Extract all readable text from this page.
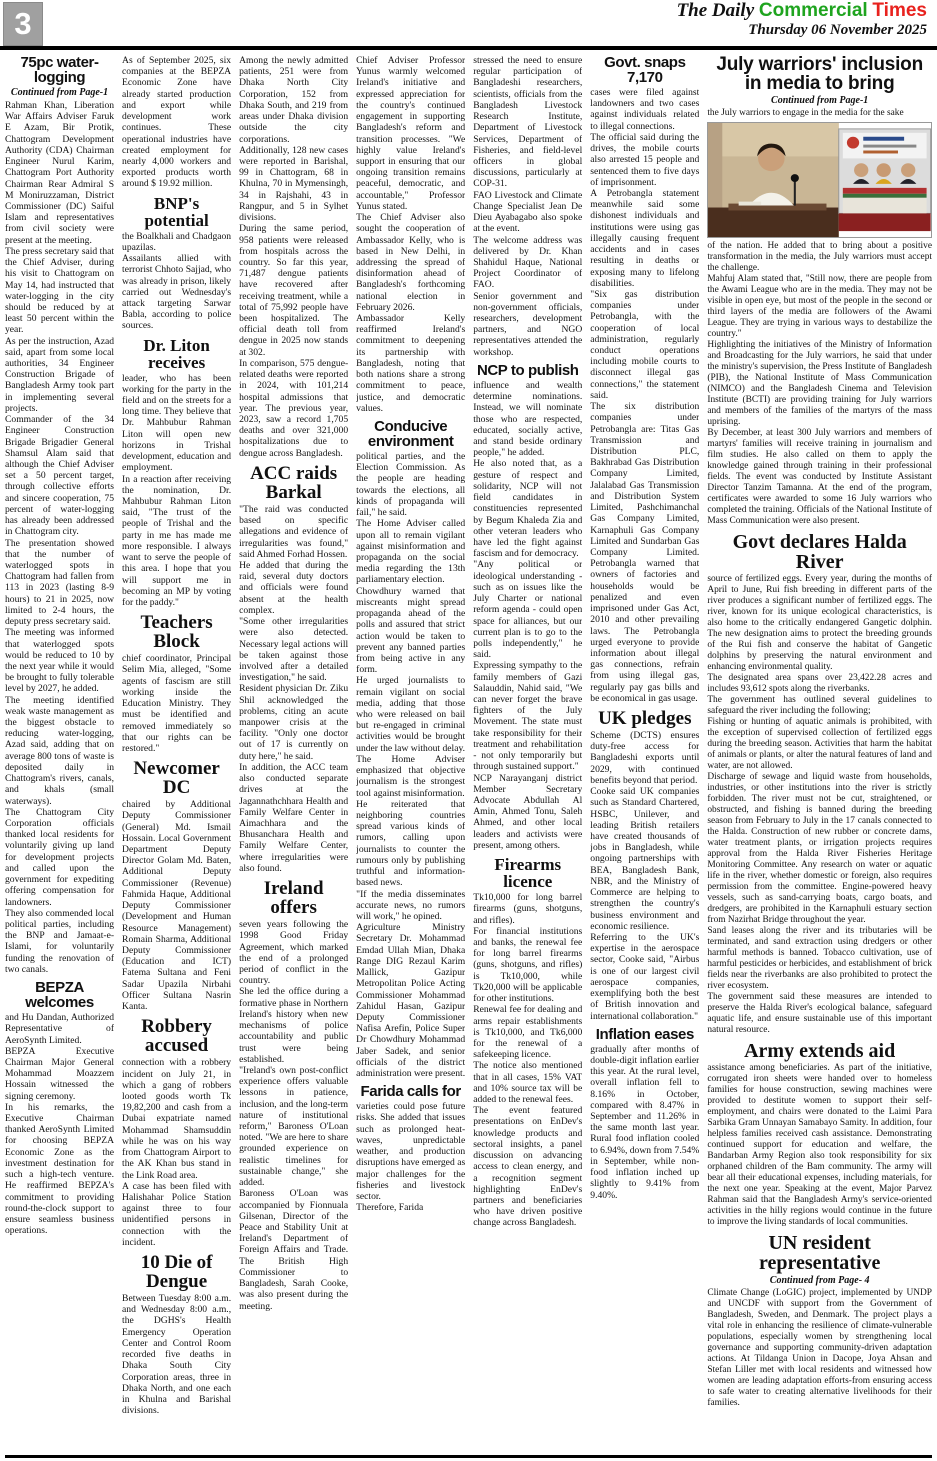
3	The Daily Commercial Times
Thursday 06 November 2025
75pc water-logging
Continued from Page-1

Rahman Khan, Liberation War Affairs Adviser Faruk E Azam, Bir Protik, Chattogram Development Authority (CDA) Chairman Engineer Nurul Karim, Chattogram Port Authority Chairman Rear Admiral S M Moniruzzaman, District Commissioner (DC) Saiful Islam and representatives from civil society were present at the meeting.

The press secretary said that the Chief Adviser, during his visit to Chattogram on May 14, had instructed that water-logging in the city should be reduced by at least 50 percent within the year.

As per the instruction, Azad said, apart from some local authorities, 34 Engineer Construction Brigade of Bangladesh Army took part in implementing several projects.

Commander of the 34 Engineer Construction Brigade Brigadier General Shamsul Alam said that although the Chief Adviser set a 50 percent target, through collective efforts and sincere cooperation, 75 percent of water-logging has already been addressed in Chattogram city.

The presentation showed that the number of waterlogged spots in Chattogram had fallen from 113 in 2023 (lasting 8-9 hours) to 21 in 2025, now limited to 2-4 hours, the deputy press secretary said.

The meeting was informed that waterlogged spots would be reduced to 10 by the next year while it would be brought to fully tolerable level by 2027, he added.

The meeting identified weak waste management as the biggest obstacle to reducing water-logging, Azad said, adding that on average 800 tons of waste is deposited daily in Chattogram's rivers, canals, and khals (small waterways).

The Chattogram City Corporation officials thanked local residents for voluntarily giving up land for development projects and called upon the government for expediting offering compensation for landowners.

They also commended local political parties, including the BNP and Jamaat-e-Islami, for voluntarily funding the renovation of two canals.

BEPZA welcomes

and Hu Dandan, Authorized Representative of AeroSynth Limited.

BEPZA Executive Chairman Major General Mohammad Moazzem Hossain witnessed the signing ceremony.

In his remarks, the Executive Chairman thanked AeroSynth Limited for choosing BEPZA Economic Zone as the investment destination for such a high-tech venture. He reaffirmed BEPZA's commitment to providing round-the-clock support to ensure seamless business operations.

As of September 2025, six companies at the BEPZA Economic Zone have already started production and export while development work continues. These operational industries have created employment for nearly 4,000 workers and exported products worth around $ 19.92 million.

BNP's potential

the Boalkhali and Chadgaon upazilas.

Assailants allied with terrorist Chhoto Sajjad, who was already in prison, likely carried out Wednesday's attack targeting Sarwar Babla, according to police sources.

Dr. Liton receives

leader, who has been working for the party in the field and on the streets for a long time. They believe that Dr. Mahbubur Rahman Liton will open new horizons in Trishal development, education and employment.

In a reaction after receiving the nomination, Dr. Mahbubur Rahman Liton said, "The trust of the people of Trishal and the party in me has made me more responsible. I always want to serve the people of this area. I hope that you will support me in becoming an MP by voting for the paddy."

Teachers Block

chief coordinator, Principal Selim Mia, alleged, "Some agents of fascism are still working inside the Education Ministry. They must be identified and removed immediately so that our rights can be restored."

Newcomer DC

chaired by Additional Deputy Commissioner (General) Md. Ismail Hossain. Local Government Department Deputy Director Golam Md. Baten, Additional Deputy Commissioner (Revenue) Fahmida Haque, Additional Deputy Commissioner (Development and Human Resource Management) Romain Sharma, Additional Deputy Commissioner (Education and ICT) Fatema Sultana and Feni Sadar Upazila Nirbahi Officer Sultana Nasrin Kanta.

Robbery accused

connection with a robbery incident on July 21, in which a gang of robbers looted goods worth Tk 19,82,200 and cash from a Dubai expatriate named Mohammad Shamsuddin while he was on his way from Chattogram Airport to the AK Khan bus stand in the Link Road area.

A case has been filed with Halishahar Police Station against three to four unidentified persons in connection with the incident.

10 Die of Dengue

Between Tuesday 8:00 a.m. and Wednesday 8:00 a.m., the DGHS's Health Emergency Operation Center and Control Room recorded five deaths in Dhaka South City Corporation areas, three in Dhaka North, and one each in Khulna and Barishal divisions.

Among the newly admitted patients, 251 were from Dhaka North City Corporation, 152 from Dhaka South, and 219 from areas under Dhaka division outside the city corporations.

Additionally, 128 new cases were reported in Barishal, 99 in Chattogram, 68 in Khulna, 70 in Mymensingh, 34 in Rajshahi, 43 in Rangpur, and 5 in Sylhet divisions.

During the same period, 958 patients were released from hospitals across the country. So far this year, 71,487 dengue patients have recovered after receiving treatment, while a total of 75,992 people have been hospitalized. The official death toll from dengue in 2025 now stands at 302.

In comparison, 575 dengue-related deaths were reported in 2024, with 101,214 hospital admissions that year. The previous year, 2023, saw a record 1,705 deaths and over 321,000 hospitalizations due to dengue across Bangladesh.

ACC raids Barkal

"The raid was conducted based on specific allegations and evidence of irregularities was found," said Ahmed Forhad Hossen.

He added that during the raid, several duty doctors and officials were found absent at the health complex.

"Some other irregularities were also detected. Necessary legal actions will be taken against those involved after a detailed investigation," he said.

Resident physician Dr. Ziku Shil acknowledged the problems, citing an acute manpower crisis at the facility. "Only one doctor out of 17 is currently on duty here," he said.

In addition, the ACC team also conducted separate drives at the Jagannathchhara Health and Family Welfare Center in Aimachhara and the Bhusanchara Health and Family Welfare Center, where irregularities were also found.

Ireland offers

seven years following the 1998 Good Friday Agreement, which marked the end of a prolonged period of conflict in the country.

She led the office during a formative phase in Northern Ireland's history when new mechanisms of police accountability and public trust were being established.

"Ireland's own post-conflict experience offers valuable lessons in patience, inclusion, and the long-term nature of institutional reform," Baroness O'Loan noted. "We are here to share grounded experience on realistic timelines for sustainable change," she added.

Baroness O'Loan was accompanied by Fionnuala Gilsenan, Director of the Peace and Stability Unit at Ireland's Department of Foreign Affairs and Trade. The British High Commissioner to Bangladesh, Sarah Cooke, was also present during the meeting.

Chief Adviser Professor Yunus warmly welcomed Ireland's initiative and expressed appreciation for the country's continued engagement in supporting Bangladesh's reform and transition processes. "We highly value Ireland's support in ensuring that our ongoing transition remains peaceful, democratic, and accountable," Professor Yunus stated.

The Chief Adviser also sought the cooperation of Ambassador Kelly, who is based in New Delhi, in addressing the spread of disinformation ahead of Bangladesh's forthcoming national election in February 2026.

Ambassador Kelly reaffirmed Ireland's commitment to deepening its partnership with Bangladesh, noting that both nations share a strong commitment to peace, justice, and democratic values.

Conducive environment

political parties, and the Election Commission. As the people are heading towards the elections, all kinds of propaganda will fail," he said.

The Home Adviser called upon all to remain vigilant against misinformation and propaganda on the social media regarding the 13th parliamentary election.

Chowdhury warned that miscreants might spread propaganda ahead of the polls and assured that strict action would be taken to prevent any banned parties from being active in any form.

He urged journalists to remain vigilant on social media, adding that those who were released on bail but re-engaged in criminal activities would be brought under the law without delay.

The Home Adviser emphasized that objective journalism is the strongest tool against misinformation.

He reiterated that neighboring countries spread various kinds of rumors, calling upon journalists to counter the rumours only by publishing truthful and information-based news.

"If the media disseminates accurate news, no rumors will work," he opined.

Agriculture Ministry Secretary Dr. Mohammad Emdad Ullah Mian, Dhaka Range DIG Rezaul Karim Mallick, Gazipur Metropolitan Police Acting Commissioner Mohammad Zahidul Hasan, Gazipur Deputy Commissioner Nafisa Arefin, Police Super Dr Chowdhury Mohammad Jaber Sadek, and senior officials of the district administration were present.

Farida calls for

varieties could pose future risks. She added that issues such as prolonged heat-waves, unpredictable weather, and production disruptions have emerged as major challenges for the fisheries and livestock sector.

Therefore, Farida

stressed the need to ensure regular participation of Bangladeshi researchers, scientists, officials from the Bangladesh Livestock Research Institute, Department of Livestock Services, Department of Fisheries, and field-level officers in global discussions, particularly at COP-31.

FAO Livestock and Climate Change Specialist Jean De Dieu Ayabagabo also spoke at the event.

The welcome address was delivered by Dr. Khan Shahidul Haque, National Project Coordinator of FAO.

Senior government and non-government officials, researchers, development partners, and NGO representatives attended the workshop.

NCP to publish

influence and wealth determine nominations. Instead, we will nominate those who are respected, educated, socially active, and stand beside ordinary people," he added.

He also noted that, as a gesture of respect and solidarity, NCP will not field candidates in constituencies represented by Begum Khaleda Zia and other veteran leaders who have led the fight against fascism and for democracy.

"Any political or ideological understanding - such as on issues like the July Charter or national reform agenda - could open space for alliances, but our current plan is to go to the polls independently," he said.

Expressing sympathy to the family members of Gazi Salauddin, Nahid said, "We can never forget the brave fighters of the July Movement. The state must take responsibility for their treatment and rehabilitation - not only temporarily but through sustained support."

NCP Narayanganj district Member Secretary Advocate Abdullah Al Amin, Ahmed Tonu, Saleh Ahmed, and other local leaders and activists were present, among others.

Firearms licence

Tk10,000 for long barrel firearms (guns, shotguns, and rifles).

For financial institutions and banks, the renewal fee for long barrel firearms (guns, shotguns, and rifles) is Tk10,000, while Tk20,000 will be applicable for other institutions.

Renewal fee for dealing and arms repair establishments is Tk10,000, and Tk6,000 for the renewal of a safekeeping licence.

The notice also mentioned that in all cases, 15% VAT and 10% source tax will be added to the renewal fees.

The event featured presentations on EnDev's knowledge products and sectoral insights, a panel discussion on advancing access to clean energy, and a recognition segment highlighting EnDev's partners and beneficiaries who have driven positive change across Bangladesh.

Govt. snaps 7,170

cases were filed against landowners and two cases against individuals related to illegal connections.

The official said during the drives, the mobile courts also arrested 15 people and sentenced them to five days of imprisonment.

A Petrobangla statement meanwhile said some dishonest individuals and institutions were using gas illegally causing frequent accidents and in cases resulting in deaths or exposing many to lifelong disabilities.

"Six gas distribution companies under Petrobangla, with the cooperation of local administration, regularly conduct operations including mobile courts to disconnect illegal gas connections," the statement said.

The six distribution companies under Petrobangla are: Titas Gas Transmission and Distribution PLC, Bakhrabad Gas Distribution Company Limited, Jalalabad Gas Transmission and Distribution System Limited, Pashchimanchal Gas Company Limited, Karnaphuli Gas Company Limited and Sundarban Gas Company Limited. Petrobangla warned that owners of factories and households would be penalized and even imprisoned under Gas Act, 2010 and other prevailing laws. The Petrobangla urged everyone to provide information about illegal gas connections, refrain from using illegal gas, regularly pay gas bills and be economical in gas usage.

UK pledges

Scheme (DCTS) ensures duty-free access for Bangladeshi exports until 2029, with continued benefits beyond that period.

Cooke said UK companies such as Standard Chartered, HSBC, Unilever, and leading British retailers have created thousands of jobs in Bangladesh, while ongoing partnerships with BEA, Bangladesh Bank, NBR, and the Ministry of Commerce are helping to strengthen the country's business environment and economic resilience.

Referring to the UK's expertise in the aerospace sector, Cooke said, "Airbus is one of our largest civil aerospace companies, exemplifying both the best of British innovation and international collaboration."

Inflation eases

gradually after months of double-digit inflation earlier this year. At the rural level, overall inflation fell to 8.16% in October, compared with 8.47% in September and 11.26% in the same month last year. Rural food inflation cooled to 6.94%, down from 7.54% in September, while non-food inflation inched up slightly to 9.41% from 9.40%.

July warriors' inclusion in media to bring
Continued from Page-1

the July warriors to engage in the media for the sake

of the nation. He added that to bring about a positive transformation in the media, the July warriors must accept the challenge.

Mahfuj Alam stated that, "Still now, there are people from the Awami League who are in the media. They may not be visible in open eye, but most of the people in the second or third layers of the media are followers of the Awami League. They are trying in various ways to destabilize the country."

Highlighting the initiatives of the Ministry of Information and Broadcasting for the July warriors, he said that under the ministry's supervision, the Press Institute of Bangladesh (PIB), the National Institute of Mass Communication (NIMCO) and the Bangladesh Cinema and Television Institute (BCTI) are providing training for July warriors and members of the families of the martyrs of the mass uprising.

By December, at least 300 July warriors and members of martyrs' families will receive training in journalism and film studies. He also called on them to apply the knowledge gained through training in their professional fields. The event was conducted by Institute Assistant Director Tanzim Tamanna. At the end of the program, certificates were awarded to some 16 July warriors who completed the training. Officials of the National Institute of Mass Communication were also present.

Govt declares Halda River

source of fertilized eggs. Every year, during the months of April to June, Rui fish breeding in different parts of the river produces a significant number of fertilized eggs. The river, known for its unique ecological characteristics, is also home to the critically endangered Gangetic dolphin. The new designation aims to protect the breeding grounds of the Rui fish and conserve the habitat of Gangetic dolphins by preserving the natural environment and enhancing environmental quality.

The designated area spans over 23,422.28 acres and includes 93,612 spots along the riverbanks.

The government has outlined several guidelines to safeguard the river including the following;

Fishing or hunting of aquatic animals is prohibited, with the exception of supervised collection of fertilized eggs during the breeding season. Activities that harm the habitat of animals or plants, or alter the natural features of land and water, are not allowed.

Discharge of sewage and liquid waste from households, industries, or other institutions into the river is strictly forbidden. The river must not be cut, straightened, or obstructed, and fishing is banned during the breeding season from February to July in the 17 canals connected to the Halda. Construction of new rubber or concrete dams, water treatment plants, or irrigation projects requires approval from the Halda River Fisheries Heritage Monitoring Committee. Any research on water or aquatic life in the river, whether domestic or foreign, also requires permission from the committee. Engine-powered heavy vessels, such as sand-carrying boats, cargo boats, and dredgers, are prohibited in the Karnaphuli estuary section from Nazirhat Bridge throughout the year.

Sand leases along the river and its tributaries will be terminated, and sand extraction using dredgers or other harmful methods is banned. Tobacco cultivation, use of harmful pesticides or herbicides, and establishment of brick fields near the riverbanks are also prohibited to protect the river ecosystem.

The government said these measures are intended to preserve the Halda River's ecological balance, safeguard aquatic life, and ensure sustainable use of this important natural resource.

Army extends aid

assistance among beneficiaries. As part of the initiative, corrugated iron sheets were handed over to homeless families for house construction, sewing machines were provided to destitute women to support their self-employment, and chairs were donated to the Laimi Para Sarbika Gram Unnayan Samabayo Samity. In addition, four helpless families received cash assistance. Demonstrating continued support for education and welfare, the Bandarban Army Region also took responsibility for six orphaned children of the Bam community. The army will bear all their educational expenses, including materials, for the next one year. Speaking at the event, Major Parvez Rahman said that the Bangladesh Army's service-oriented activities in the hilly regions would continue in the future to improve the living standards of local communities.

UN resident representative
Continued from Page- 4

Climate Change (LoGIC) project, implemented by UNDP and UNCDF with support from the Government of Bangladesh, Sweden, and Denmark. The project plays a vital role in enhancing the resilience of climate-vulnerable populations, especially women by strengthening local governance and supporting community-driven adaptation actions. At Tildanga Union in Dacope, Joya Ahsan and Stefan Liller met with local residents and witnessed how women are leading adaptation efforts-from ensuring access to safe water to creating alternative livelihoods for their families.
